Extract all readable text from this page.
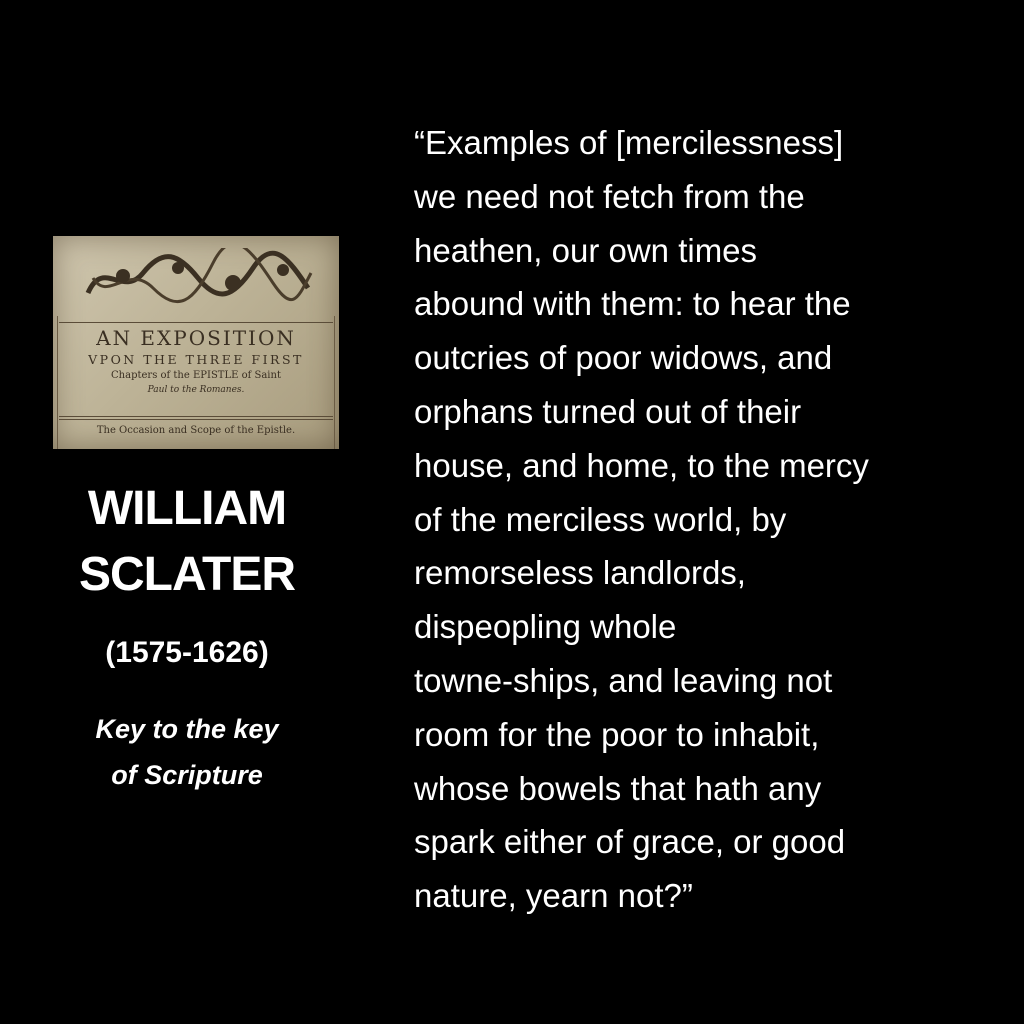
AN EXPOSITION
VPON THE THREE FIRST
Chapters of the EPISTLE of Saint
Paul to the Romanes.
The Occasion and Scope of the Epistle.
WILLIAM
SCLATER
(1575-1626)
Key to the key
of Scripture
“Examples of [mercilessness]
we need not fetch from the
heathen, our own times
abound with them: to hear the
outcries of poor widows, and
orphans turned out of their
house, and home, to the mercy
of the merciless world, by
remorseless landlords,
dispeopling whole
towne-ships, and leaving not
room for the poor to inhabit,
whose bowels that hath any
spark either of grace, or good
nature, yearn not?”
